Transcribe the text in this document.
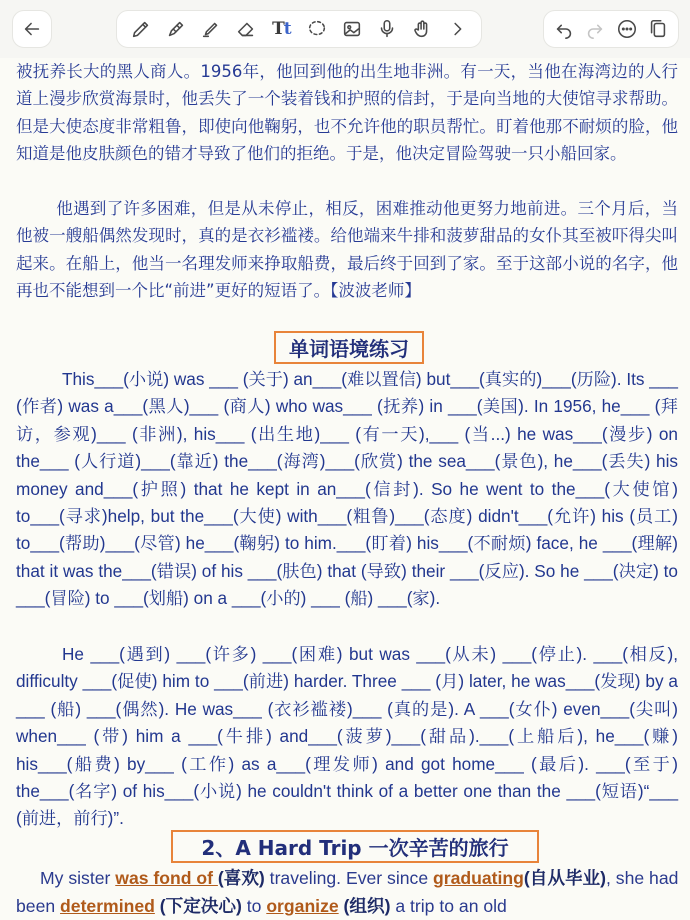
Tt
被抚养长大的黑人商人。1956年，他回到他的出生地非洲。有一天，当他在海湾边的人行道上漫步欣赏海景时，他丢失了一个装着钱和护照的信封，于是向当地的大使馆寻求帮助。但是大使态度非常粗鲁，即使向他鞠躬，也不允许他的职员帮忙。盯着他那不耐烦的脸，他知道是他皮肤颜色的错才导致了他们的拒绝。于是，他决定冒险驾驶一只小船回家。
他遇到了许多困难，但是从未停止，相反，困难推动他更努力地前进。三个月后，当他被一艘船偶然发现时，真的是衣衫褴褛。给他端来牛排和菠萝甜品的女仆其至被吓得尖叫起来。在船上，他当一名理发师来挣取船费，最后终于回到了家。至于这部小说的名字，他再也不能想到一个比“前进”更好的短语了。【波波老师】
单词语境练习
This___(小说) was ___ (关于) an___(难以置信) but___(真实的)___(历险). Its ___ (作者) was a___(黑人)___ (商人) who was___ (抚养) in ___(美国). In 1956, he___ (拜访，参观)___ (非洲), his___ (出生地)___ (有一天),___ (当...) he was___(漫步) on the___ (人行道)___(靠近) the___(海湾)___(欣赏) the sea___(景色), he___(丢失) his money and___(护照) that he kept in an___(信封). So he went to the___(大使馆) to___(寻求)help, but the___(大使) with___(粗鲁)___(态度) didn't___(允许) his (员工) to___(帮助)___(尽管) he___(鞠躬) to him.___(盯着) his___(不耐烦) face, he ___(理解) that it was the___(错误) of his ___(肤色) that (导致) their ___(反应). So he ___(决定) to ___(冒险) to ___(划船) on a ___(小的) ___ (船) ___(家).
He ___(遇到) ___(许多) ___(困难) but was ___(从未) ___(停止). ___(相反), difficulty ___(促使) him to ___(前进) harder. Three ___ (月) later, he was___(发现) by a ___ (船) ___(偶然). He was___ (衣衫褴褛)___ (真的是). A ___(女仆) even___(尖叫) when___ (带) him a ___(牛排) and___(菠萝)___(甜品).___(上船后), he___(赚) his___(船费) by___ (工作) as a___(理发师) and got home___ (最后). ___(至于) the___(名字) of his___(小说) he couldn't think of a better one than the ___(短语)“___ (前进，前行)”.
2、A Hard Trip 一次辛苦的旅行
My sister was fond of (喜欢) traveling. Ever since graduating(自从毕业), she had been determined (下定决心) to organize (组织) a trip to an old
